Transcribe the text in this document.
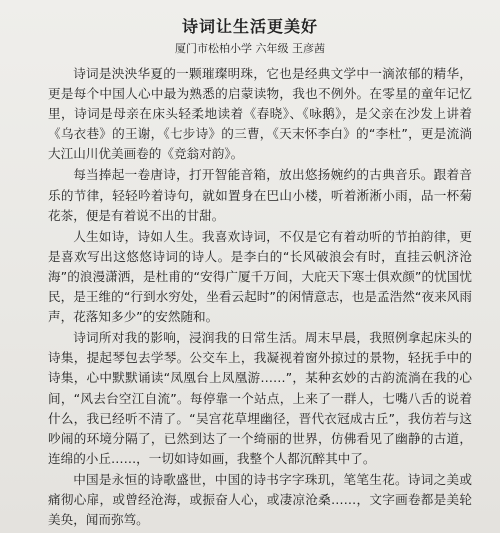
诗词让生活更美好
厦门市松柏小学 六年级 王彦茜

诗词是泱泱华夏的一颗璀璨明珠，它也是经典文学中一滴浓郁的精华，更是每个中国人心中最为熟悉的启蒙读物，我也不例外。在零星的童年记忆里，诗词是母亲在床头轻柔地读着《春晓》、《咏鹅》，是父亲在沙发上讲着《乌衣巷》的王谢，《七步诗》的三曹，《天末怀李白》的“李杜”，更是流淌大江山川优美画卷的《竞翁对韵》。

每当捧起一卷唐诗，打开智能音箱，放出悠扬婉约的古典音乐。跟着音乐的节律，轻轻吟着诗句，就如置身在巴山小楼，听着淅淅小雨，品一杯菊花茶，便是有着说不出的甘甜。

人生如诗，诗如人生。我喜欢诗词，不仅是它有着动听的节拍韵律，更是喜欢写出这悠悠诗词的诗人。是李白的“长风破浪会有时，直挂云帆济沧海”的浪漫潇洒，是杜甫的“安得广厦千万间，大庇天下寒士俱欢颜”的忧国忧民，是王维的“行到水穷处，坐看云起时”的闲情意志，也是孟浩然“夜来风雨声，花落知多少”的安然随和。

诗词所对我的影响，浸润我的日常生活。周末早晨，我照例拿起床头的诗集，提起琴包去学琴。公交车上，我凝视着窗外掠过的景物，轻抚手中的诗集，心中默默诵读“凤凰台上凤凰游……”，某种玄妙的古韵流淌在我的心间，“风去台空江自流”。每停靠一个站点，上来了一群人，七嘴八舌的说着什么，我已经听不清了。“吴宫花草埋幽径，晋代衣冠成古丘”，我仿若与这吵闹的环境分隔了，已然到达了一个绮丽的世界，仿佛看见了幽静的古道，连绵的小丘……，一切如诗如画，我整个人都沉醉其中了。

中国是永恒的诗歌盛世，中国的诗书字字珠玑，笔笔生花。诗词之美或痛彻心扉，或曾经沧海，或振奋人心，或凄凉沧桑……，文字画卷都是美轮美奂，闻而弥笃。
